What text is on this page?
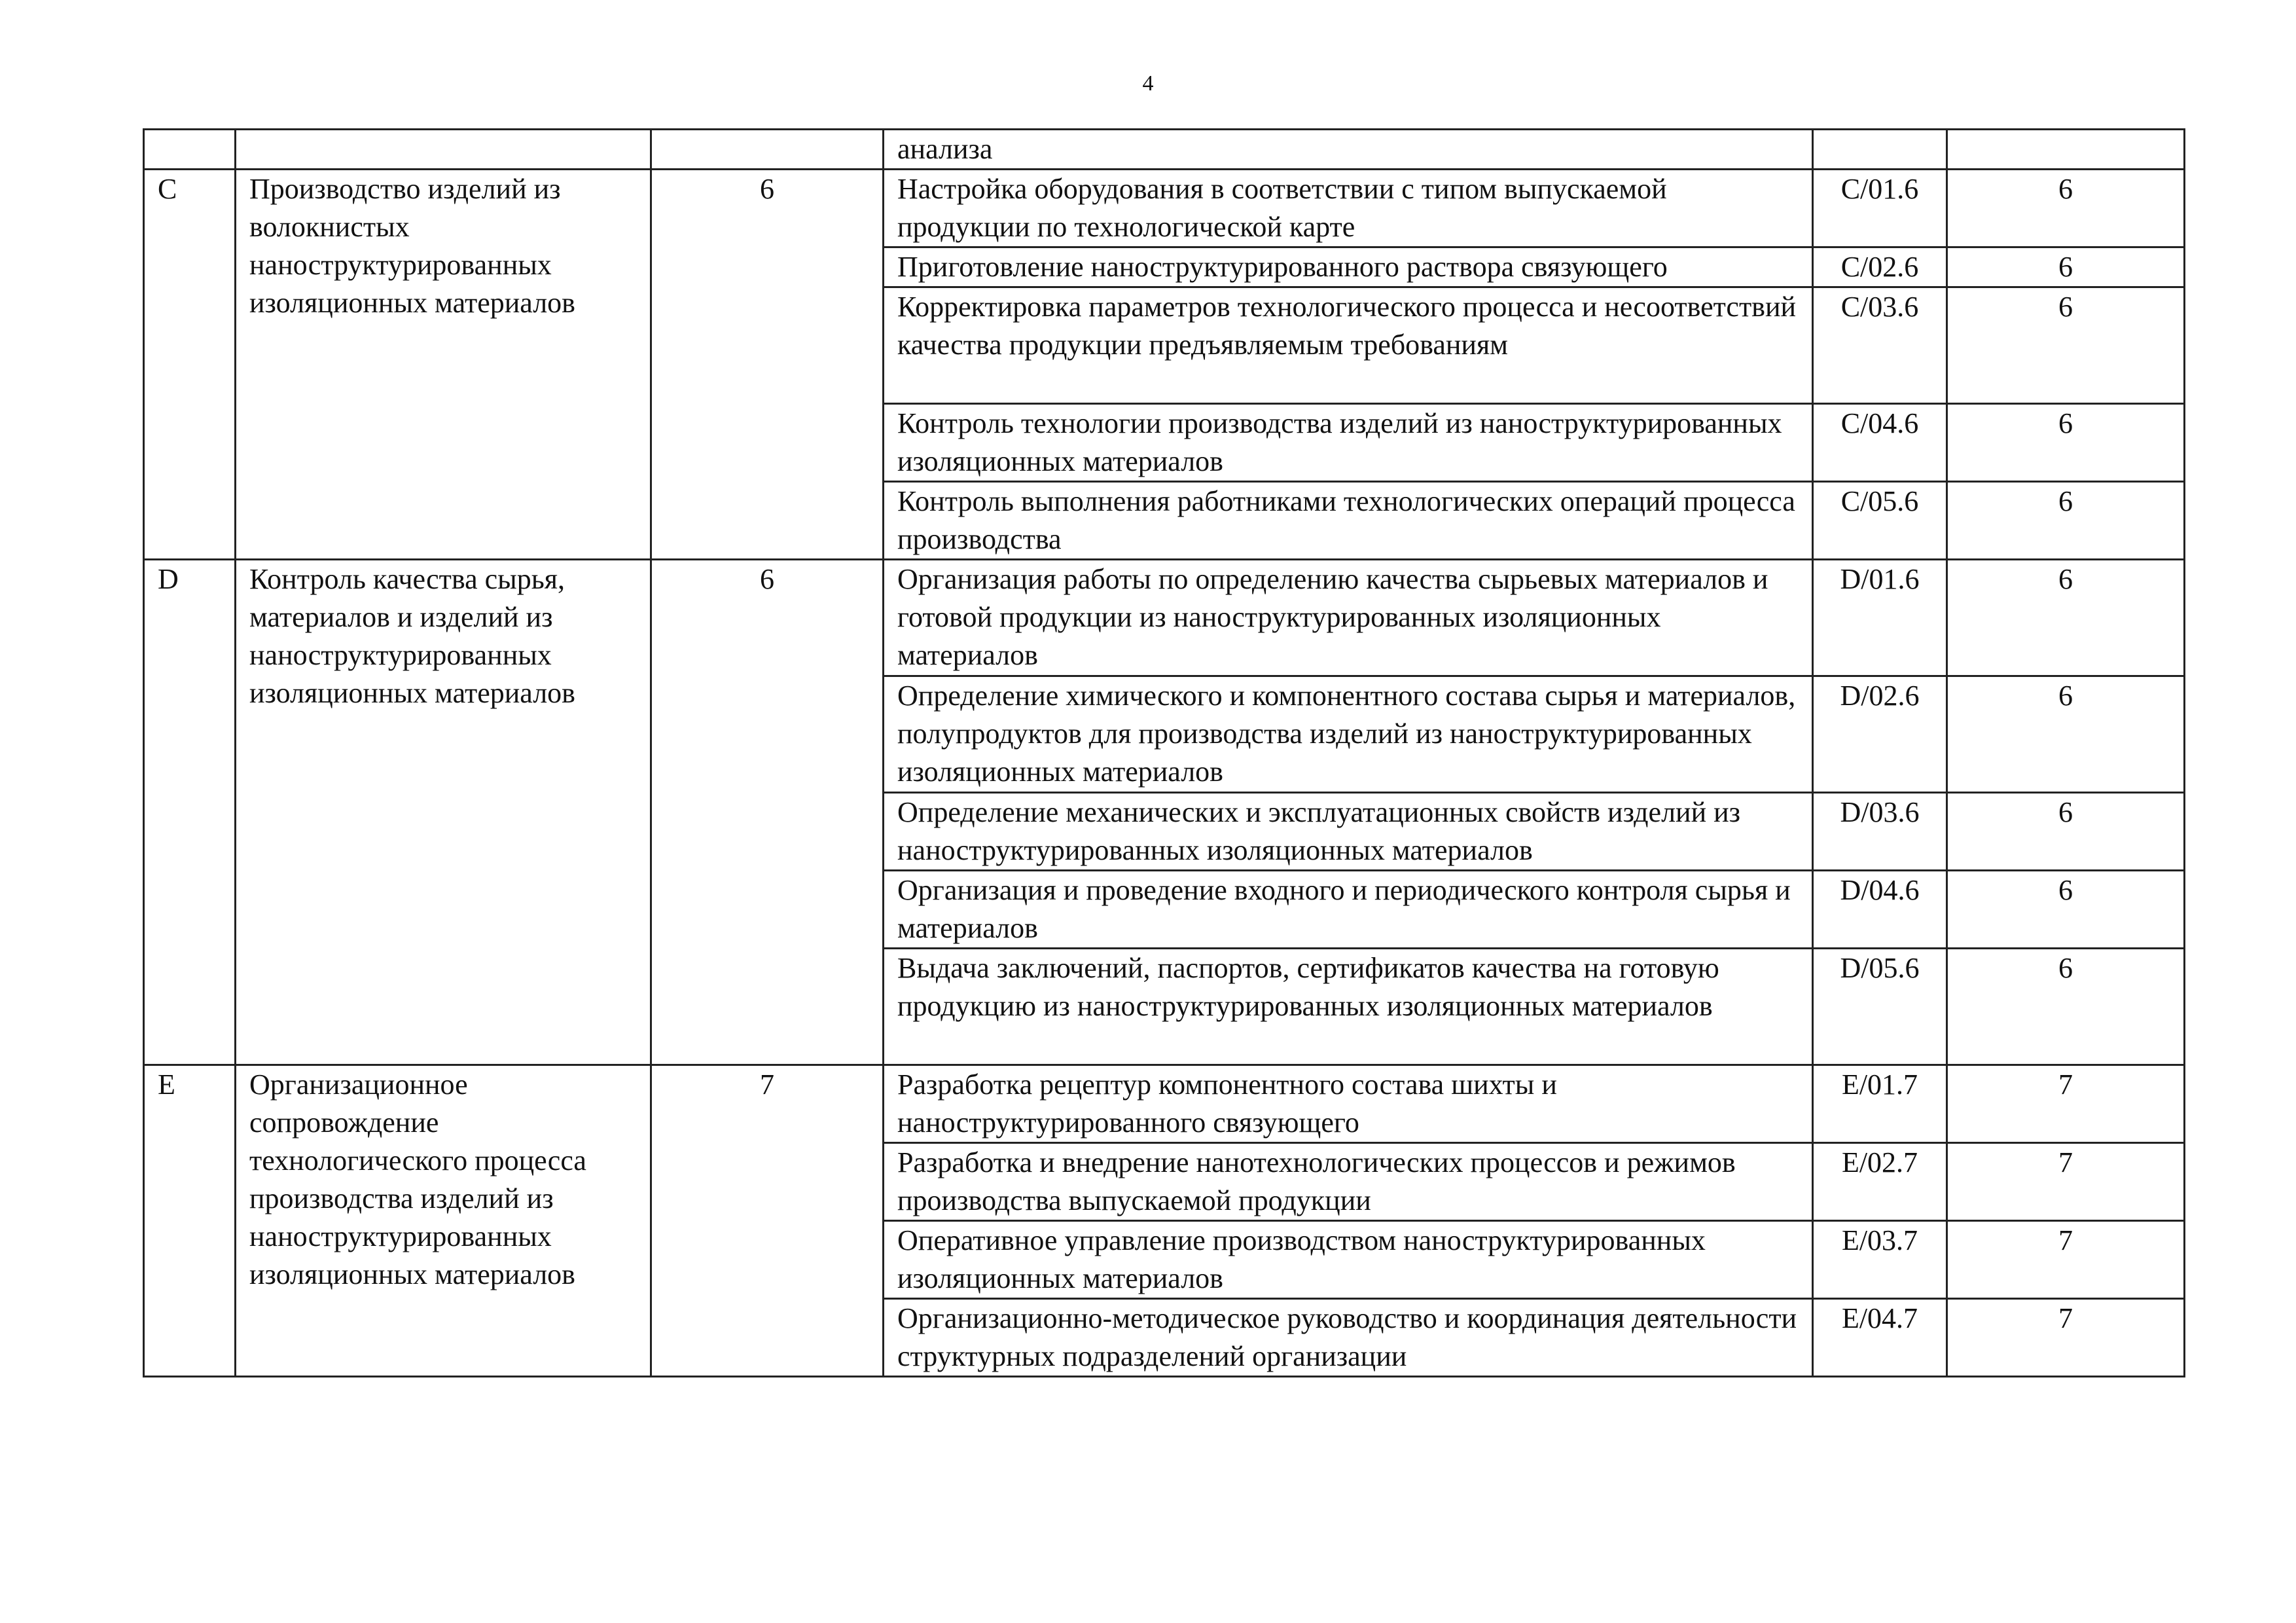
4
			анализа		
C	Производство изделий из волокнистых наноструктурированных изоляционных материалов	6	Настройка оборудования в соответствии с типом выпускаемой продукции по технологической карте	C/01.6	6
			Приготовление наноструктурированного раствора связующего	C/02.6	6
			Корректировка параметров технологического процесса и несоответствий качества продукции предъявляемым требованиям	C/03.6	6
			Контроль технологии производства изделий из наноструктурированных изоляционных материалов	C/04.6	6
			Контроль выполнения работниками технологических операций процесса производства	C/05.6	6
D	Контроль качества сырья, материалов и изделий из наноструктурированных изоляционных материалов	6	Организация работы по определению качества сырьевых материалов и готовой продукции из наноструктурированных изоляционных материалов	D/01.6	6
			Определение химического и компонентного состава сырья и материалов, полупродуктов для производства изделий из наноструктурированных изоляционных материалов	D/02.6	6
			Определение механических и эксплуатационных свойств изделий из наноструктурированных изоляционных материалов	D/03.6	6
			Организация и проведение входного и периодического контроля сырья и материалов	D/04.6	6
			Выдача заключений, паспортов, сертификатов качества на готовую продукцию из наноструктурированных изоляционных материалов	D/05.6	6
E	Организационное сопровождение технологического процесса производства изделий из наноструктурированных изоляционных материалов	7	Разработка рецептур компонентного состава шихты и наноструктурированного связующего	E/01.7	7
			Разработка и внедрение нанотехнологических процессов и режимов производства выпускаемой продукции	E/02.7	7
			Оперативное управление производством наноструктурированных изоляционных материалов	E/03.7	7
			Организационно-методическое руководство и координация деятельности структурных подразделений организации	E/04.7	7
